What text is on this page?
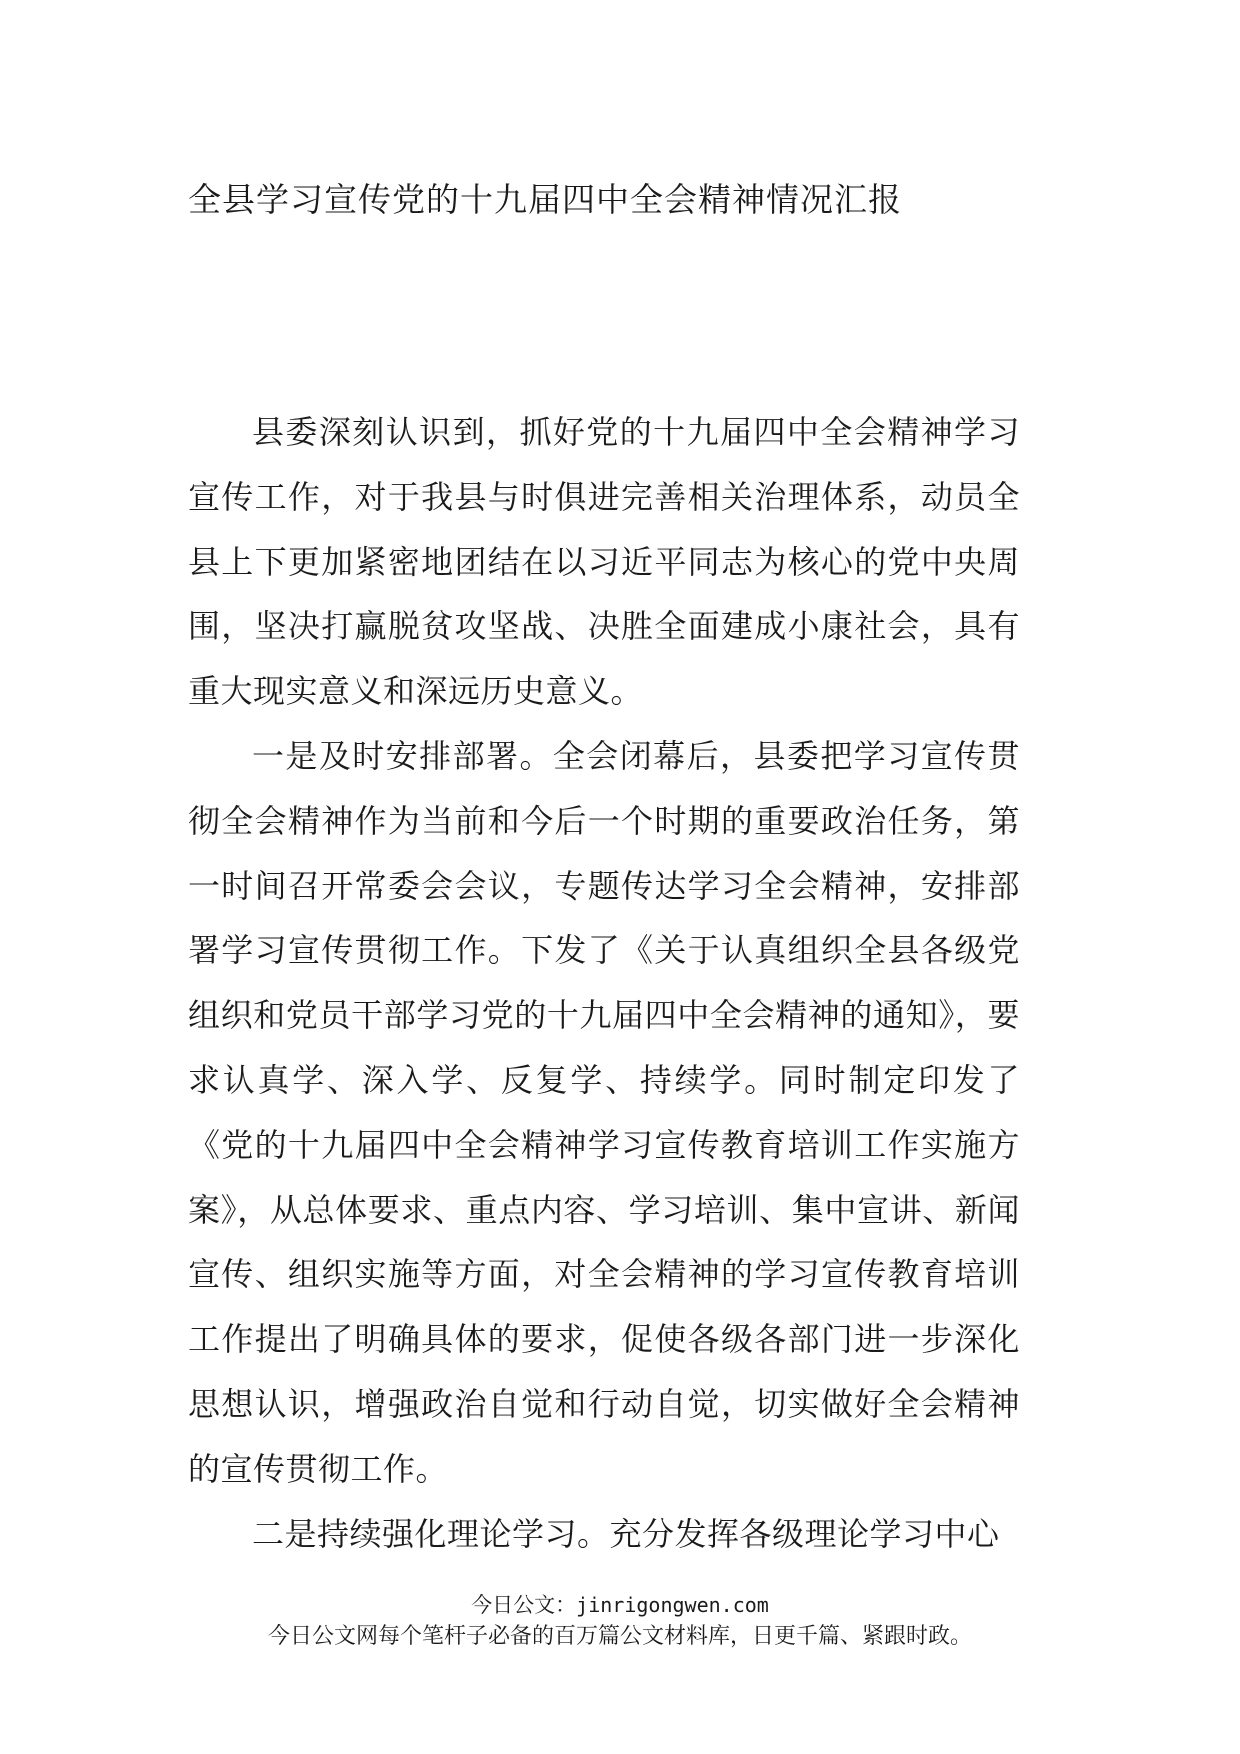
全县学习宣传党的十九届四中全会精神情况汇报

县委深刻认识到，抓好党的十九届四中全会精神学习宣传工作，对于我县与时俱进完善相关治理体系，动员全县上下更加紧密地团结在以习近平同志为核心的党中央周围，坚决打赢脱贫攻坚战、决胜全面建成小康社会，具有重大现实意义和深远历史意义。

一是及时安排部署。全会闭幕后，县委把学习宣传贯彻全会精神作为当前和今后一个时期的重要政治任务，第一时间召开常委会会议，专题传达学习全会精神，安排部署学习宣传贯彻工作。下发了《关于认真组织全县各级党组织和党员干部学习党的十九届四中全会精神的通知》，要求认真学、深入学、反复学、持续学。同时制定印发了《党的十九届四中全会精神学习宣传教育培训工作实施方案》，从总体要求、重点内容、学习培训、集中宣讲、新闻宣传、组织实施等方面，对全会精神的学习宣传教育培训工作提出了明确具体的要求，促使各级各部门进一步深化思想认识，增强政治自觉和行动自觉，切实做好全会精神的宣传贯彻工作。

二是持续强化理论学习。充分发挥各级理论学习中心

今日公文：jinrigongwen.com
今日公文网每个笔杆子必备的百万篇公文材料库，日更千篇、紧跟时政。
